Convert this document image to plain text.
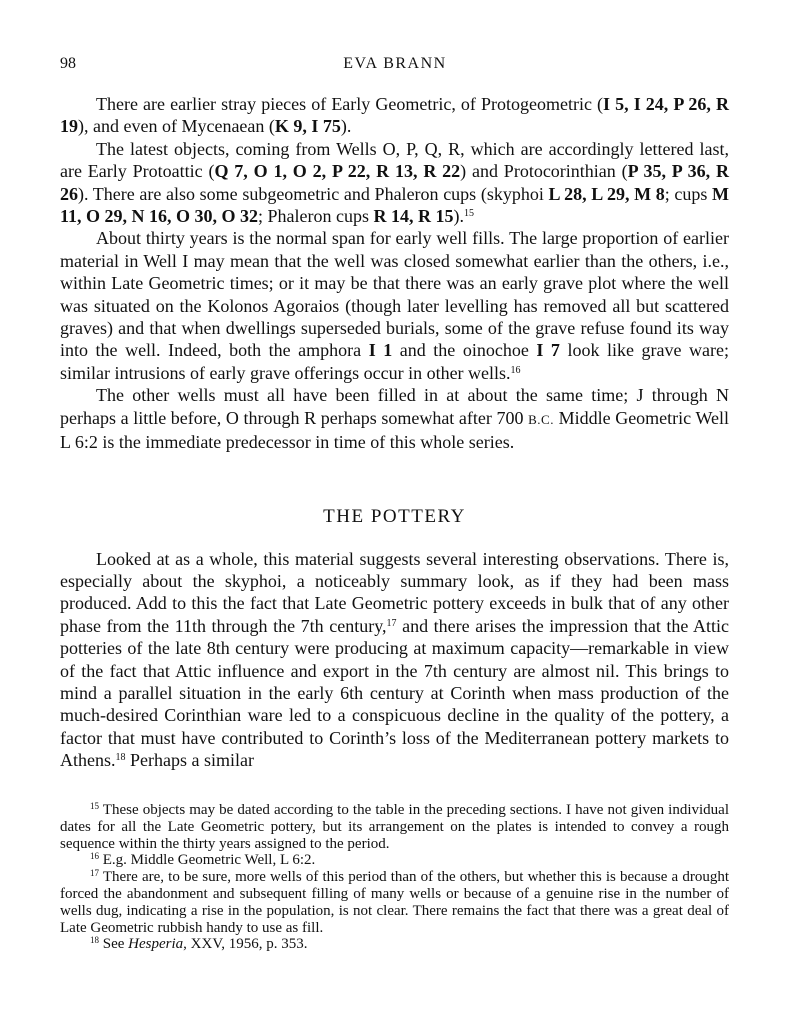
98	EVA BRANN

There are earlier stray pieces of Early Geometric, of Protogeometric (I 5, I 24, P 26, R 19), and even of Mycenaean (K 9, I 75).

The latest objects, coming from Wells O, P, Q, R, which are accordingly lettered last, are Early Protoattic (Q 7, O 1, O 2, P 22, R 13, R 22) and Protocorinthian (P 35, P 36, R 26). There are also some subgeometric and Phaleron cups (skyphoi L 28, L 29, M 8; cups M 11, O 29, N 16, O 30, O 32; Phaleron cups R 14, R 15).$^{15}$

About thirty years is the normal span for early well fills. The large proportion of earlier material in Well I may mean that the well was closed somewhat earlier than the others, i.e., within Late Geometric times; or it may be that there was an early grave plot where the well was situated on the Kolonos Agoraios (though later levelling has removed all but scattered graves) and that when dwellings superseded burials, some of the grave refuse found its way into the well. Indeed, both the amphora I 1 and the oinochoe I 7 look like grave ware; similar intrusions of early grave offerings occur in other wells.$^{16}$

The other wells must all have been filled in at about the same time; J through N perhaps a little before, O through R perhaps somewhat after 700 B.C. Middle Geometric Well L 6:2 is the immediate predecessor in time of this whole series.

THE POTTERY

Looked at as a whole, this material suggests several interesting observations. There is, especially about the skyphoi, a noticeably summary look, as if they had been mass produced. Add to this the fact that Late Geometric pottery exceeds in bulk that of any other phase from the 11th through the 7th century,$^{17}$ and there arises the impression that the Attic potteries of the late 8th century were producing at maximum capacity—remarkable in view of the fact that Attic influence and export in the 7th century are almost nil. This brings to mind a parallel situation in the early 6th century at Corinth when mass production of the much-desired Corinthian ware led to a conspicuous decline in the quality of the pottery, a factor that must have contributed to Corinth’s loss of the Mediterranean pottery markets to Athens.$^{18}$ Perhaps a similar

$^{15}$ These objects may be dated according to the table in the preceding sections. I have not given individual dates for all the Late Geometric pottery, but its arrangement on the plates is intended to convey a rough sequence within the thirty years assigned to the period.

$^{16}$ E.g. Middle Geometric Well, L 6:2.

$^{17}$ There are, to be sure, more wells of this period than of the others, but whether this is because a drought forced the abandonment and subsequent filling of many wells or because of a genuine rise in the number of wells dug, indicating a rise in the population, is not clear. There remains the fact that there was a great deal of Late Geometric rubbish handy to use as fill.

$^{18}$ See Hesperia, XXV, 1956, p. 353.
